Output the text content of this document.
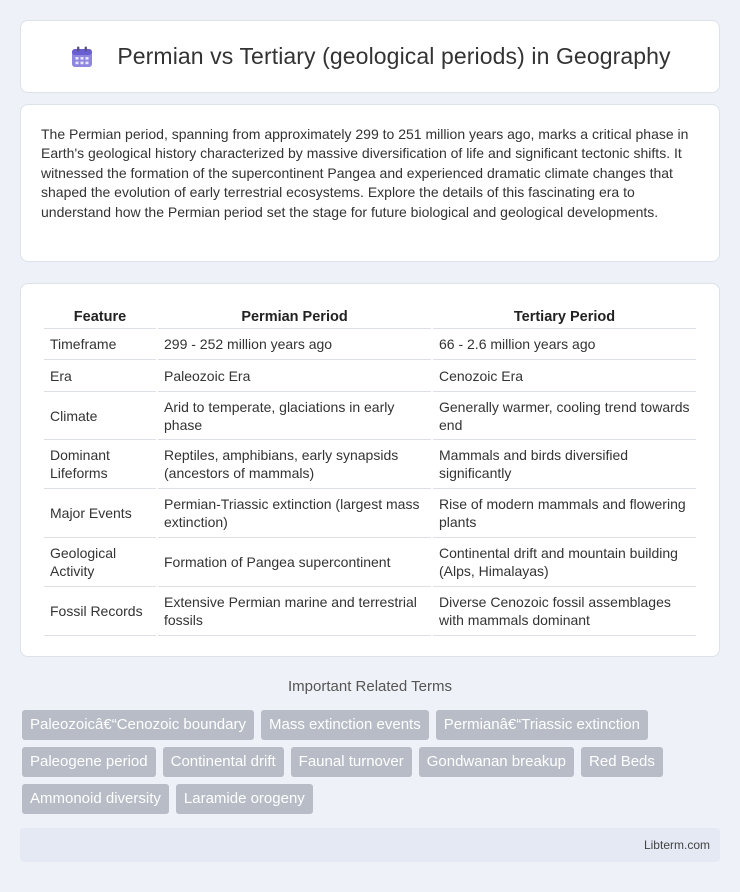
Permian vs Tertiary (geological periods) in Geography

The Permian period, spanning from approximately 299 to 251 million years ago, marks a critical phase in Earth's geological history characterized by massive diversification of life and significant tectonic shifts. It witnessed the formation of the supercontinent Pangea and experienced dramatic climate changes that shaped the evolution of early terrestrial ecosystems. Explore the details of this fascinating era to understand how the Permian period set the stage for future biological and geological developments.

Feature	Permian Period	Tertiary Period
Timeframe	299 - 252 million years ago	66 - 2.6 million years ago
Era	Paleozoic Era	Cenozoic Era
Climate	Arid to temperate, glaciations in early phase	Generally warmer, cooling trend towards end
Dominant Lifeforms	Reptiles, amphibians, early synapsids (ancestors of mammals)	Mammals and birds diversified significantly
Major Events	Permian-Triassic extinction (largest mass extinction)	Rise of modern mammals and flowering plants
Geological Activity	Formation of Pangea supercontinent	Continental drift and mountain building (Alps, Himalayas)
Fossil Records	Extensive Permian marine and terrestrial fossils	Diverse Cenozoic fossil assemblages with mammals dominant
Important Related Terms
Paleozoicâ€“Cenozoic boundary	Mass extinction events	Permianâ€“Triassic extinction
Paleogene period	Continental drift	Faunal turnover	Gondwanan breakup	Red Beds
Ammonoid diversity	Laramide orogeny
Libterm.com
